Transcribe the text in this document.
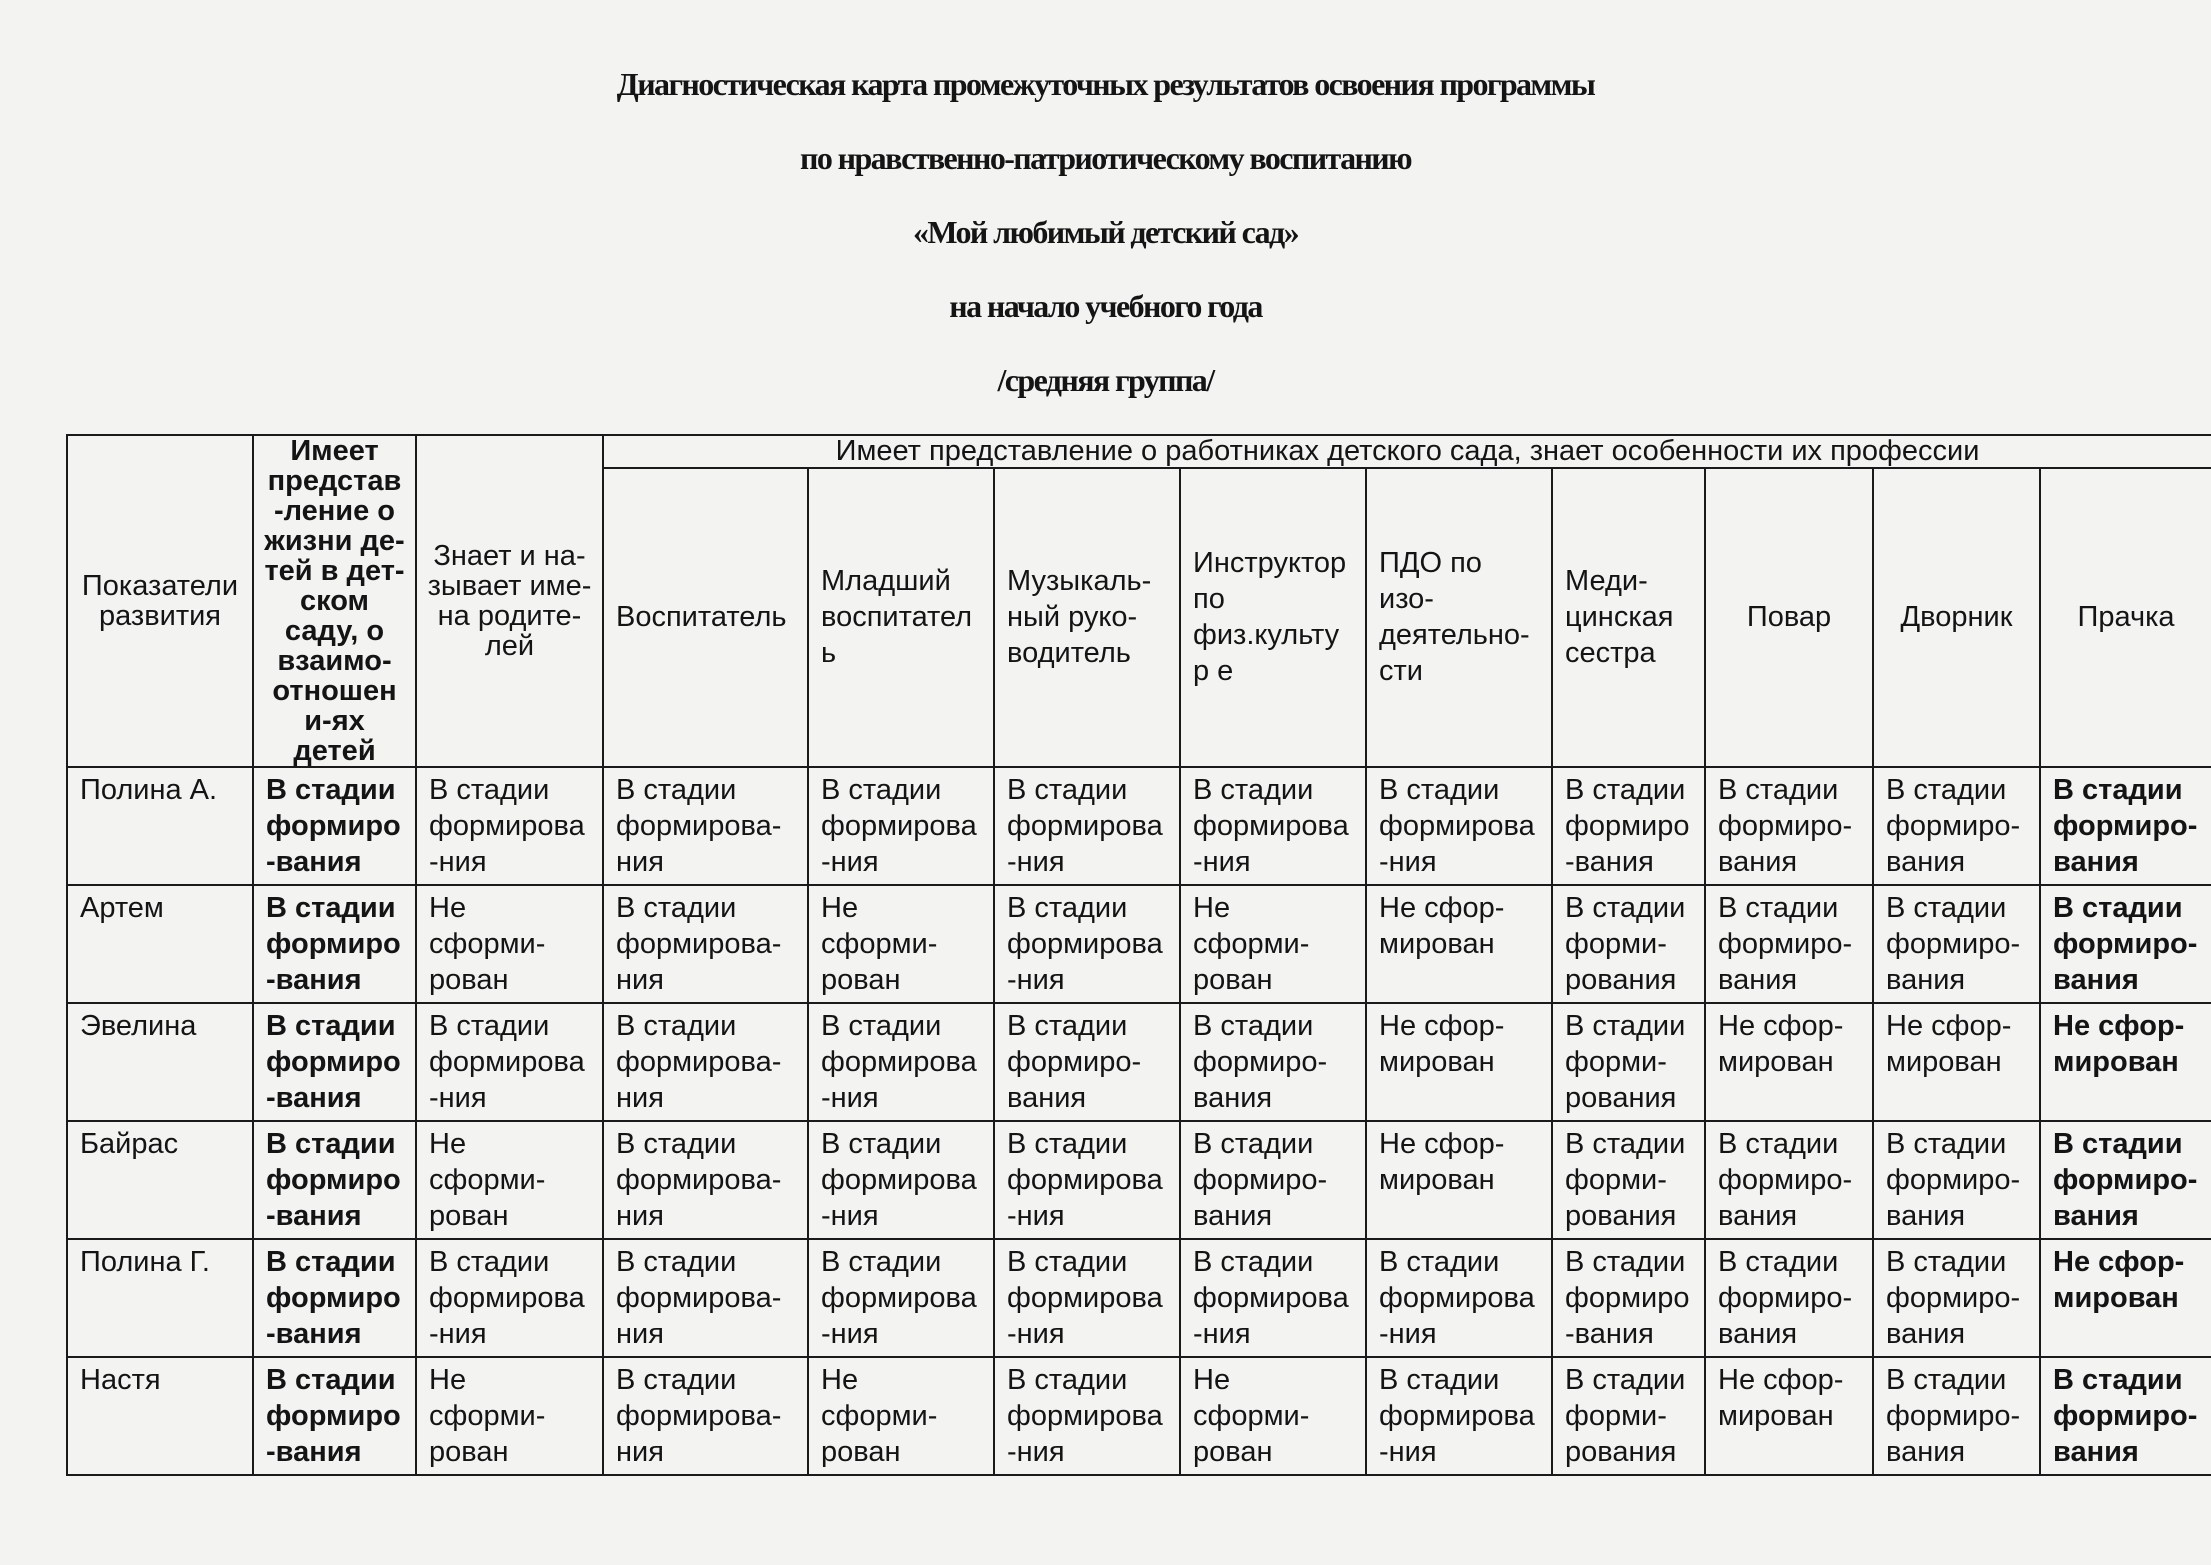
Диагностическая карта промежуточных результатов освоения программы
по нравственно-патриотическому воспитанию
«Мой любимый детский сад»
на начало учебного года
/средняя группа/
Показатели развития	Имеет представ-ление о жизни де-тей в дет-ском саду, о взаимо-отношени-ях детей	Знает и на-зывает име-на родите-лей	Имеет представление о работниках детского сада, знает особенности их профессии								
			Воспитатель	Младший воспитатель	Музыкаль-ный руко-водитель	Инструктор по физ.культур е	ПДО по изо-деятельно-сти	Меди-цинская сестра	Повар	Дворник	Прачка
Полина А.	В стадии формиро-вания	В стадии формирова-ния	В стадии формирова-ния	В стадии формирова-ния	В стадии формирова-ния	В стадии формирова-ния	В стадии формирова-ния	В стадии формиро-вания	В стадии формиро-вания	В стадии формиро-вания	В стадии формиро-вания
Артем	В стадии формиро-вания	Не сформи-рован	В стадии формирова-ния	Не сформи-рован	В стадии формирова-ния	Не сформи-рован	Не сфор-мирован	В стадии форми-рования	В стадии формиро-вания	В стадии формиро-вания	В стадии формиро-вания
Эвелина	В стадии формиро-вания	В стадии формирова-ния	В стадии формирова-ния	В стадии формирова-ния	В стадии формиро-вания	В стадии формиро-вания	Не сфор-мирован	В стадии форми-рования	Не сфор-мирован	Не сфор-мирован	Не сфор-мирован
Байрас	В стадии формиро-вания	Не сформи-рован	В стадии формирова-ния	В стадии формирова-ния	В стадии формирова-ния	В стадии формиро-вания	Не сфор-мирован	В стадии форми-рования	В стадии формиро-вания	В стадии формиро-вания	В стадии формиро-вания
Полина Г.	В стадии формиро-вания	В стадии формирова-ния	В стадии формирова-ния	В стадии формирова-ния	В стадии формирова-ния	В стадии формирова-ния	В стадии формирова-ния	В стадии формиро-вания	В стадии формиро-вания	В стадии формиро-вания	Не сфор-мирован
Настя	В стадии формиро-вания	Не сформи-рован	В стадии формирова-ния	Не сформи-рован	В стадии формирова-ния	Не сформи-рован	В стадии формирова-ния	В стадии форми-рования	Не сфор-мирован	В стадии формиро-вания	В стадии формиро-вания
